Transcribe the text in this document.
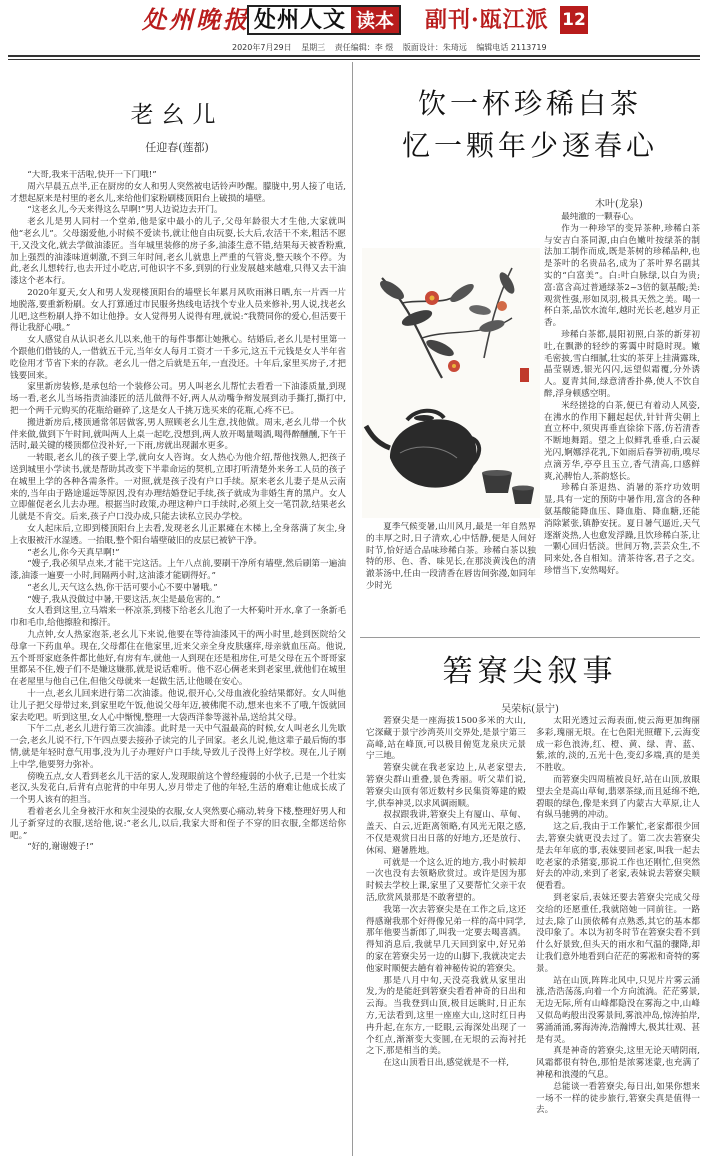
处州晚报 处州人文 读本 副刊·瓯江派 12
2020年7月29日 星期三 责任编辑：李 煜 版面设计：朱琦远 编辑电话 2113719
老幺儿
任迎春(莲都)

“大哥,我来干活啦,快开一下门哦!”

周六早晨五点半,正在厨房的女人和男人突然被电话铃声吵醒。朦胧中,男人接了电话,才想起原来是村里的老幺儿,来给他们家粉刷楼顶阳台上破损的墙壁。

“这老幺儿,今天来得这么早啊!”男人边说边去开门。

老幺儿是男人同村一个堂弟,他是家中最小的儿子,父母年龄很大才生他,大家就叫他“老幺儿”。父母溺爱他,小时候不爱读书,就让他自由玩耍,长大后,农活干不来,粗活不愿干,又没文化,就去学做油漆匠。当年城里装修的房子多,油漆生意不错,结果每天被香粉熏,加上强烈的油漆味道刺激,不到三年时间,老幺儿就患上严重的气管炎,整天咳个不停。为此,老幺儿想转行,也去开过小吃店,可他识字不多,到别的行业发展越来越难,只得又去干油漆这个老本行。

2020年夏天,女人和男人发现楼顶阳台的墙壁长年累月风吹雨淋日晒,东一片西一片地脱落,要重新粉刷。女人打算通过市民服务热线电话找个专业人员来修补,男人说,找老幺儿吧,这些粉刷人挣不如让他挣。女人觉得男人说得有理,就说:“我赞同你的爱心,但活要干得让我舒心哦。”

女人感觉自从认识老幺儿以来,他干的每件事都让她揪心。结婚后,老幺儿是村里第一个跟他们借钱的人,一借就五千元,当年女人每月工资才一千多元,这五千元钱是女人半年省吃俭用才节省下来的存款。老幺儿一借之后就是五年,一直没还。十年后,家里买房子,才把钱要回来。

家里新房装修,是承包给一个装修公司。男人叫老幺儿帮忙去看看一下油漆质量,到现场一看,老幺儿当场指责油漆匠的活儿做得不好,两人从动嘴争辩发展到动手撕打,撕打中,把一个两千元购买的花瓶给砸碎了,这是女人千挑万选买来的花瓶,心疼不已。

搬进新房后,楼顶通常邻居做客,男人照顾老幺儿生意,找他做。周末,老幺儿带一个伙伴来做,做到下午时间,就叫两人上桌一起吃,没想到,两人放开喝量喝酒,喝得醉醺醺,下午干活时,最关键的楼顶都位没补好,一下雨,房就出现漏水更多。

一转眼,老幺儿的孩子要上学,就向女人咨询。女人热心为他介绍,帮他找熟人,把孩子送到城里小学读书,就是帮助其改变下半辈命运的契机,立即打听清楚外来务工人员的孩子在城里上学的各种各需条件。一对照,就是孩子没有户口手续。原来老幺儿妻子是从云南来的,当年由于路途遥远等原因,没有办理结婚登记手续,孩子就成为非婚生育的黑户。女人立即催促老幺儿去办理。根据当时政策,办理这种户口手续时,必须上交一笔罚款,结果老幺儿就是不肯交。后来,孩子户口没办成,只能去读私立民办学校。

女人起床后,立即到楼顶阳台上去看,发现老幺儿正累瘫在木梯上,全身落满了灰尘,身上衣服被汗水湿透。一抬眼,整个阳台墙壁破旧的皮层已被铲干净。

“老幺儿,你今天真早啊!”

“嫂子,我必须早点来,才能干完这活。上午八点前,要刷干净所有墙壁,然后刷第一遍油漆,油漆一遍要一小时,间隔两小时,这油漆才能刷得好。”

“老幺儿,天气这么热,你干活可要小心不要中暑哦。”

“嫂子,我从没做过中暑,干要这活,灰尘是最危害的。”

女人看到这里,立马端来一杯凉茶,到楼下给老幺儿泡了一大杯菊叶开水,拿了一条新毛巾和毛巾,给他擦脸和擦汗。

九点钟,女人热家泡茶,老幺儿下来说,他要在等待油漆风干的两小时里,趁到医院给父母拿一下药血单。现在,父母都住在他家里,近来父亲全身皮肤瘙痒,母亲就血压高。他说,五个哥哥家庭条件都比他好,有房有车,就他一人到现在还是租房住,可是父母在五个哥哥家里都呆不住,嫂子们不是嫌这嫌那,就是说话难听。他不忍心俩老来到老家里,就他们在城里在老屋里与他自己住,但他父母就来一起做生活,让他暖在安心。

十一点,老幺儿回来进行第二次油漆。他说,很开心,父母血液化验结果都好。女人叫他让儿子把父母带过来,到家里吃午饭,他说父母年迈,被佛爬不动,想来也来不了哦,午饭就回家去吃吧。听到这里,女人心中惭愧,整理一大袋西洋参等滋补品,送给其父母。

下午二点,老幺儿进行第三次油漆。此时是一天中气温最高的时候,女人叫老幺儿先歇一会,老幺儿说不行,下午四点要去接孙子读完的儿子回家。老幺儿说,他这辈子最后悔的事情,就是年轻时意气用事,没为儿子办理好户口手续,导致儿子没得上好学校。现在,儿子刚上中学,他要努力弥补。

傍晚五点,女人看到老幺儿干活的家人,发现眼前这个曾经瘦弱的小伙子,已是一个壮实老汉,头发花白,后背有点驼背的中年男人,岁月带走了他的年轻,生活的磨难让他成长成了一个男人该有的担当。

看着老幺儿全身被汗水和灰尘浸染的衣服,女人突然要心痛动,转身下楼,整理好男人和儿子新穿过的衣服,送给他,说:“老幺儿,以后,我家大哥和侄子不穿的旧衣服,全都送给你吧。”

“好的,谢谢嫂子!”

饮一杯珍稀白茶
忆一颗年少逐春心
木叶(龙泉)

夏季气候变暑,山川风月,最是一年自然界的丰厚之时,日子清欢,心中恬静,便是人间好时节,恰好适合品味珍稀白茶。珍稀白茶以独特的形、色、香、味见长,在那淡黄浅色的清澈茶汤中,任由一段清香在唇齿间弥漫,如同年少时光

最纯澈的一颗春心。

作为一种珍罕的变异茶种,珍稀白茶与安吉白茶同源,由白色嫩叶按绿茶的制法加工制作而成,既是茶树的珍稀品种,也是茶叶的名贵品名,成为了茶叶界名副其实的“白富美”。白:叶白脉绿,以白为贵;富:富含高过普通绿茶2~3倍的氨基酸;美:观赏性强,形如凤羽,极具天然之美。喝一杯白茶,品饮水流年,越时光长老,越岁月正香。

珍稀白茶都,晨阳初照,白茶的新芽初吐,在飘渺的轻纱的雾霭中时隐时现。嫩毛密披,雪白细腻,壮实的茶芽上挂满露珠,晶莹剔透,银光闪闪,远望似霜覆,分外诱人。夏青其间,绿意清香扑鼻,使人不饮自醉,浮身顿感空明。

米经搓捻的白茶,便已有着动人风姿,在沸水的作用下翻起起伏,针针背尖朝上直立杯中,须臾再垂直徐徐下落,仿若清香不断地舞蹈。望之上似鲜乳垂垂,白云凝光闪,婀娜浮花乳,下如雨后春笋初萌,嗅尽点滴芳华,亭亭且玉立,香气清高,口感鲜爽,沁脾怡人,茶韵悠长。

珍稀白茶退热、消暑的茶疗功效明显,具有一定的预防中暑作用,富含的各种氨基酸能降血压、降血脂、降血糖,还能消除紧张,镇静安抚。夏日暑气逼近,天气逐渐炎热,人也愈发浮躁,且饮珍稀白茶,让一颗心回归恬淡。世间万物,芸芸众生,不同来处,各自相知。清茶待客,君子之交。珍惜当下,安然喝好。

箬寮尖叙事
吴荣标(景宁)

箬寮尖是一座海拔1500多米的大山,它深藏于景宁沙湾英川交界处,是景宁第三高峰,站在峰顶,可以极目俯览龙泉庆元景宁三地。

箬寮尖就在我老家边上,从老家望去,箬寮尖群山重叠,景色秀丽。听父辈们说,箬寮尖山顶有邻近数村乡民集资筹建的殿宇,供奉神灵,以求风调雨顺。

叔叔跟我讲,箬寮尖上有厦山、草甸、盖天、白云,近距离领略,有风光无限之感,不仅是观赏日出日落的好地方,还是放行、休闲、避暑胜地。

可就是一个这么近的地方,我小时候却一次也没有去领略欣赏过。或许是因为那时候去学校上课,家里了又要帮忙父亲干农活,欣赏风景那是不敢奢望的。

我第一次去箬寮尖是在工作之后,这还得感谢我那个好得像兄弟一样的高中同学,那年他要当新郎了,叫我一定要去喝喜酒。得知消息后,我就早几天回到家中,好兄弟的家在箬寮尖另一边的山脚下,我就决定去他家时顺便去趟有着神秘传说的箬寮尖。

那是八月中旬,天没亮我就从家里出发,为的是能赶到箬寮尖看看神奇的日出和云海。当我登到山顶,极目远眺时,日正东方,无法看到,这里一座座大山,这时红日冉冉升起,在东方,一眨眼,云海深处出现了一个红点,渐渐变大变圆,在无垠的云海衬托之下,那是相当的美。

在这山顶看日出,感觉就是不一样,

太阳光透过云海表面,使云海更加绚丽多彩,瑰丽无垠。在七色阳光照耀下,云海变成一彩色浪涛,红、橙、黄、绿、青、蓝、紫,浓的,淡的,五光十色,变幻多端,真的是美不胜收。

而箬寮尖四周植被良好,站在山顶,放眼望去全是高山草甸,翡翠茶绿,而且延绵不绝,碧眼的绿色,像是来到了内蒙古大草原,让人有纵马驰骋的冲动。

这之后,我由于工作繁忙,老家都很少回去,箬寮尖就更没去过了。第二次去箬寮尖是去年年底的事,表妹要回老家,叫我一起去吃老家的杀猪宴,那说工作也还刚忙,但突然好去的冲动,来到了老家,表妹说去箬寮尖顺便看看。

到老家后,表妹还要去箬寮尖完成父母交给的还愿重任,我就陪她一同前往。一路过去,除了山顶依稀有点熟悉,其它的基本都没印象了。本以为初冬时节在箬寮尖看不到什么好景致,但头天的雨水和气温的骤降,却让我们意外地看到白茫茫的雾凇和奇特的雾景。

站在山顶,阵阵北风中,只见片片雾云涌涨,浩浩荡荡,向着一个方向流淌。茫茫雾景,无边无际,所有山峰都隐没在雾海之中,山峰又似岛屿般出没雾景间,雾浪冲岛,惊涛拍岸,雾涌涌涌,雾海涛涛,浩瀚博大,极其壮观、甚是有灵。

真是神奇的箬寮尖,这里无论天晴阴雨,风霜都很有特色,那怕是浓雾迷蒙,也充满了神秘和浪漫的气息。

总能谈一看箬寮尖,每日出,如果你想来一场不一样的徒步旅行,箬寮尖真是值得一去。
